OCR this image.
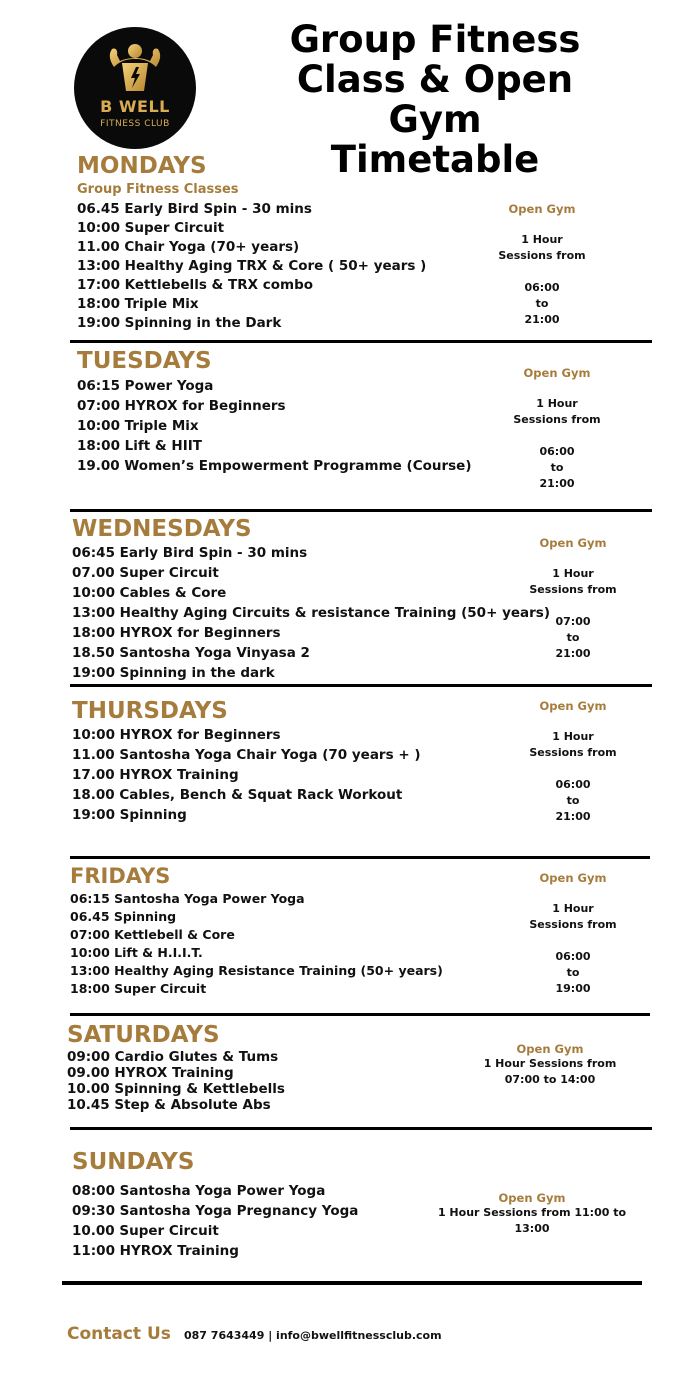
B WELL
FITNESS CLUB
Group Fitness
Class & Open Gym
Timetable
MONDAYS
Group Fitness Classes
06.45 Early Bird Spin - 30 mins
10:00 Super Circuit
11.00 Chair Yoga (70+ years)
13:00 Healthy Aging TRX & Core ( 50+ years )
17:00 Kettlebells & TRX combo
18:00 Triple Mix
19:00 Spinning in the Dark
Open Gym
1 Hour
Sessions from
06:00
to
21:00
TUESDAYS
06:15 Power Yoga
07:00 HYROX for Beginners
10:00 Triple Mix
18:00 Lift & HIIT
19.00 Women’s Empowerment Programme (Course)
Open Gym
1 Hour
Sessions from
06:00
to
21:00
WEDNESDAYS
06:45 Early Bird Spin - 30 mins
07.00 Super Circuit
10:00 Cables & Core
13:00 Healthy Aging Circuits & resistance Training (50+ years)
18:00 HYROX for Beginners
18.50 Santosha Yoga Vinyasa 2
19:00 Spinning in the dark
Open Gym
1 Hour
Sessions from
07:00
to
21:00
THURSDAYS
10:00 HYROX for Beginners
11.00 Santosha Yoga Chair Yoga (70 years + )
17.00 HYROX Training
18.00 Cables, Bench & Squat Rack Workout
19:00 Spinning
Open Gym
1 Hour
Sessions from
06:00
to
21:00
FRIDAYS
06:15 Santosha Yoga Power Yoga
06.45 Spinning
07:00 Kettlebell & Core
10:00 Lift & H.I.I.T.
13:00 Healthy Aging Resistance Training (50+ years)
18:00 Super Circuit
Open Gym
1 Hour
Sessions from
06:00
to
19:00
SATURDAYS
09:00 Cardio Glutes & Tums
09.00 HYROX Training
10.00 Spinning & Kettlebells
10.45 Step & Absolute Abs
Open Gym
1 Hour Sessions from
07:00 to 14:00
SUNDAYS
08:00 Santosha Yoga Power Yoga
09:30 Santosha Yoga Pregnancy Yoga
10.00 Super Circuit
11:00 HYROX Training
Open Gym
1 Hour Sessions from 11:00 to 13:00
Contact Us 087 7643449 | info@bwellfitnessclub.com
